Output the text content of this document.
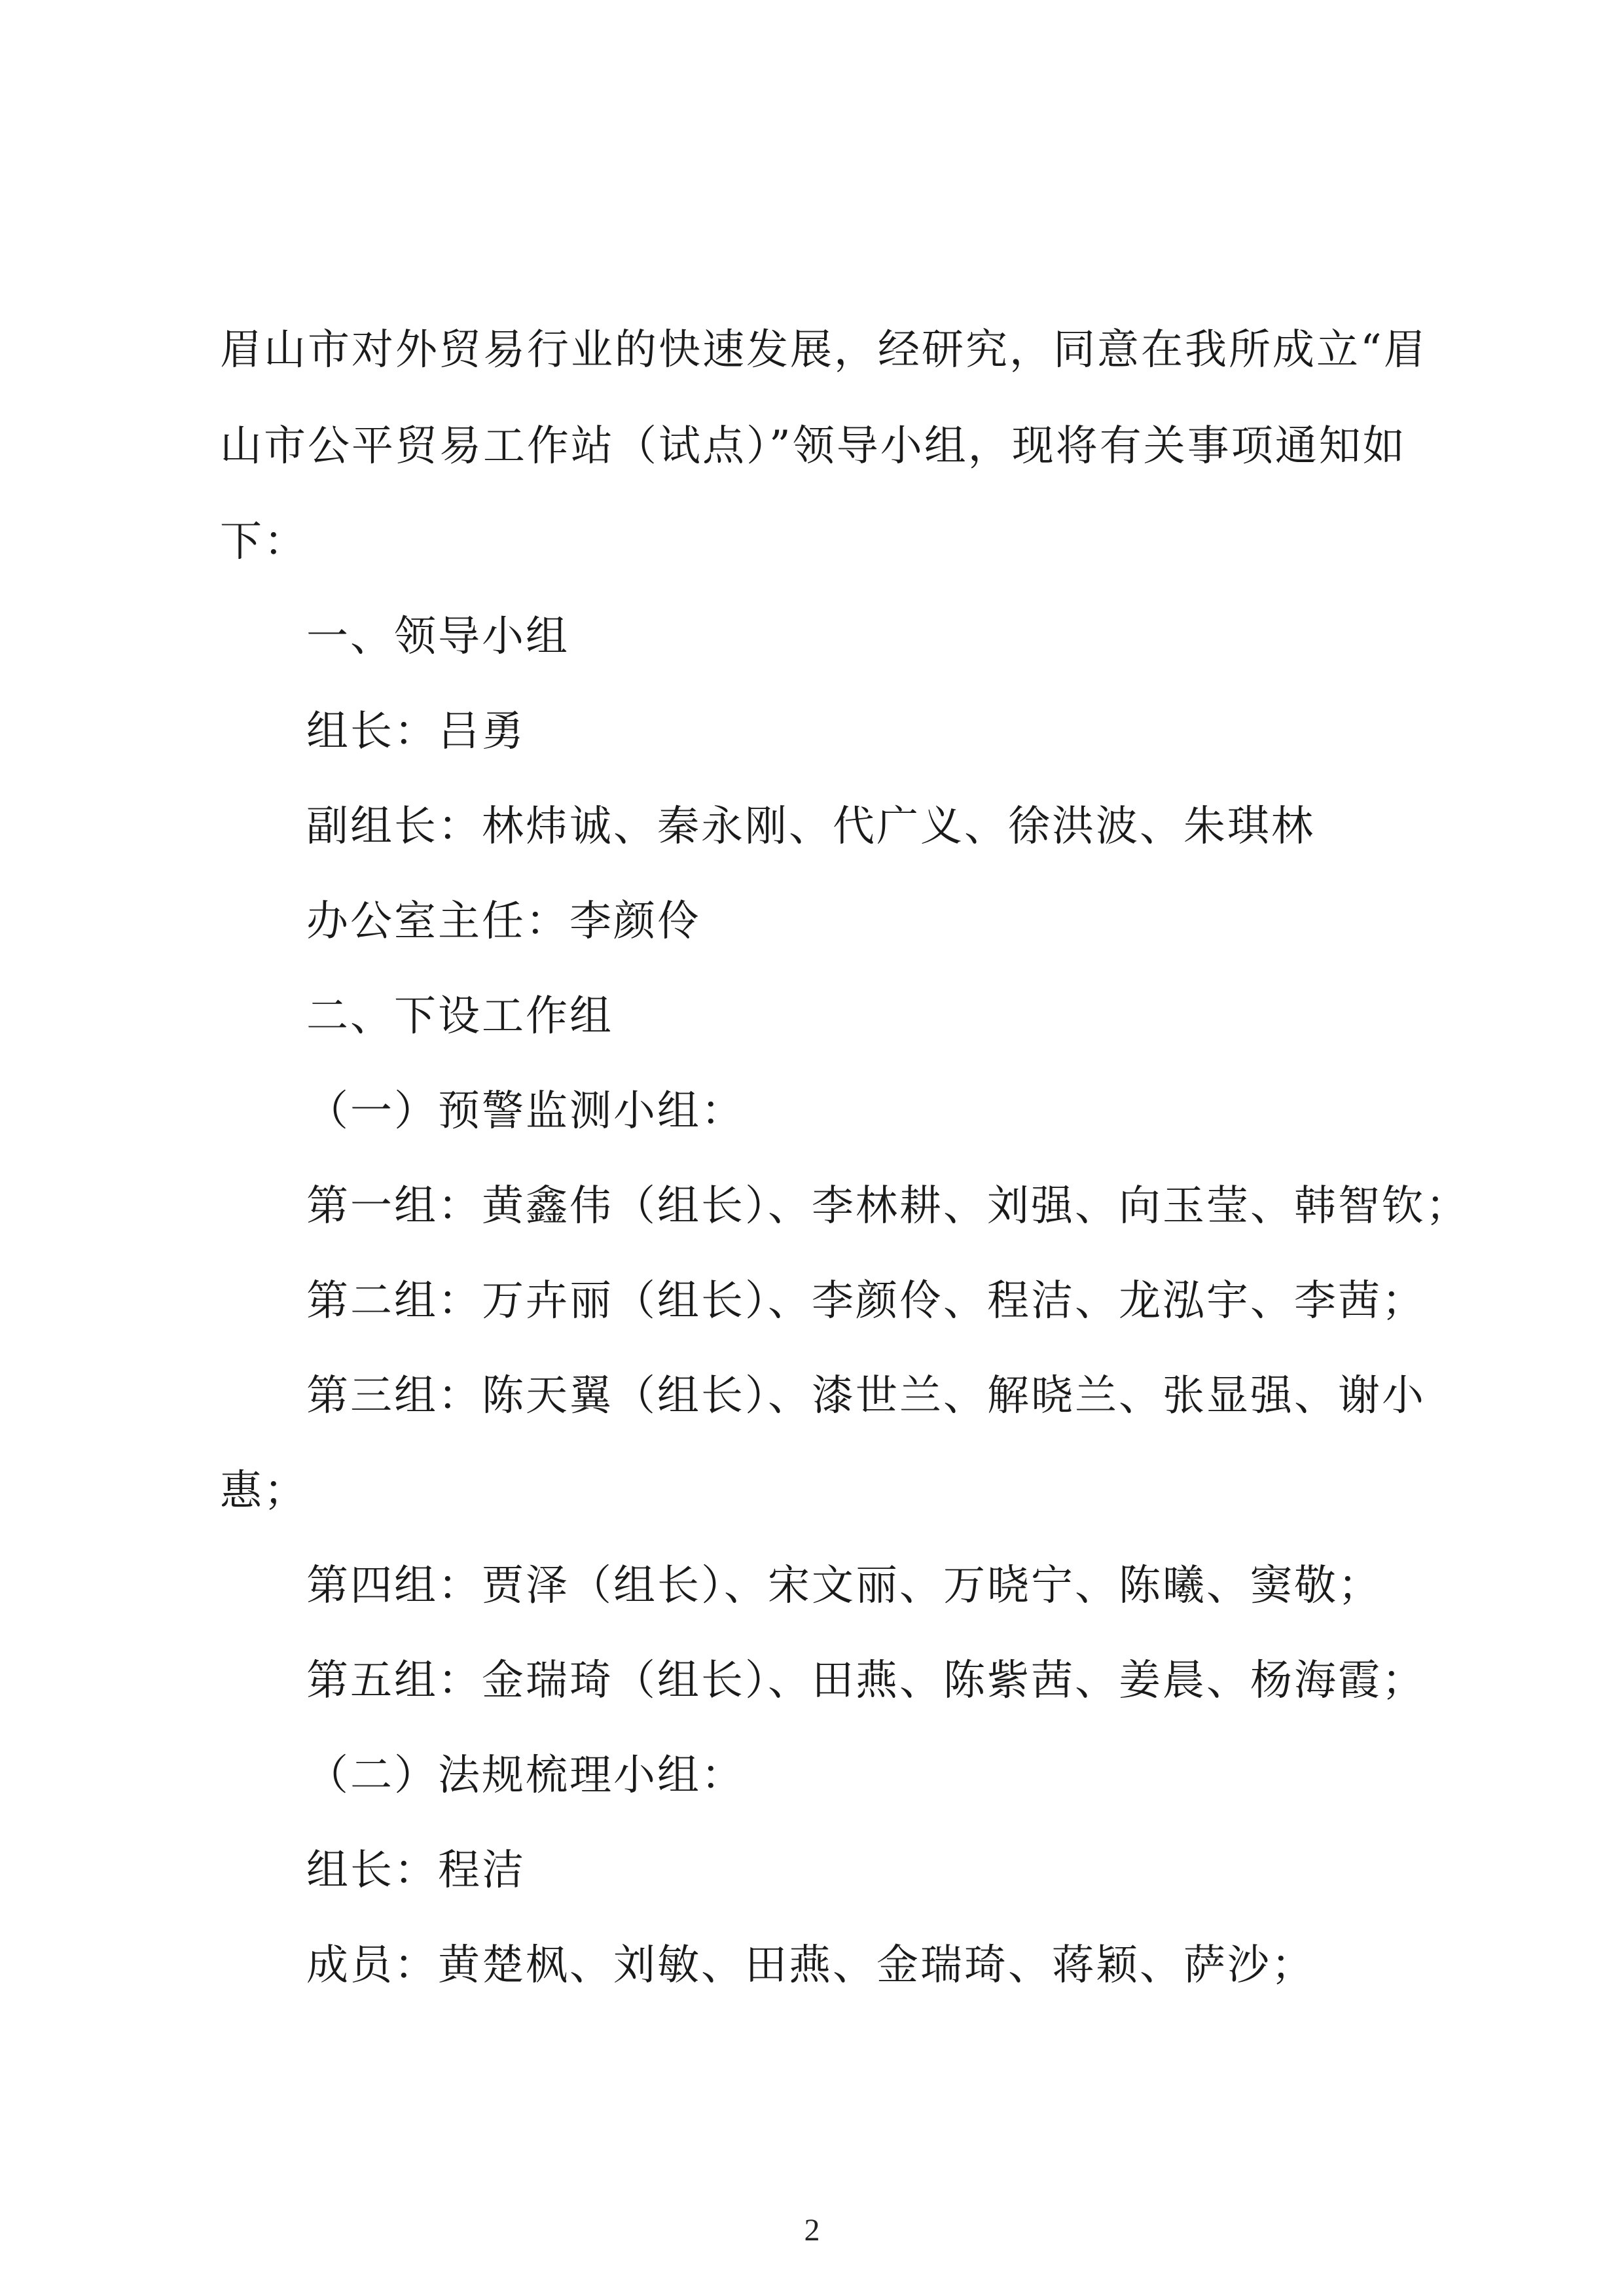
眉山市对外贸易行业的快速发展，经研究，同意在我所成立“眉
山市公平贸易工作站（试点）”领导小组，现将有关事项通知如
下：
一、领导小组
组长：吕勇
副组长：林炜诚、秦永刚、代广义、徐洪波、朱琪林
办公室主任：李颜伶
二、下设工作组
（一）预警监测小组：
第一组：黄鑫伟（组长）、李林耕、刘强、向玉莹、韩智钦；
第二组：万卉丽（组长）、李颜伶、程洁、龙泓宇、李茜；
第三组：陈天翼（组长）、漆世兰、解晓兰、张显强、谢小
惠；
第四组：贾泽（组长）、宋文丽、万晓宁、陈曦、窦敬；
第五组：金瑞琦（组长）、田燕、陈紫茜、姜晨、杨海霞；
（二）法规梳理小组：
组长：程洁
成员：黄楚枫、刘敏、田燕、金瑞琦、蒋颖、萨沙；
2
